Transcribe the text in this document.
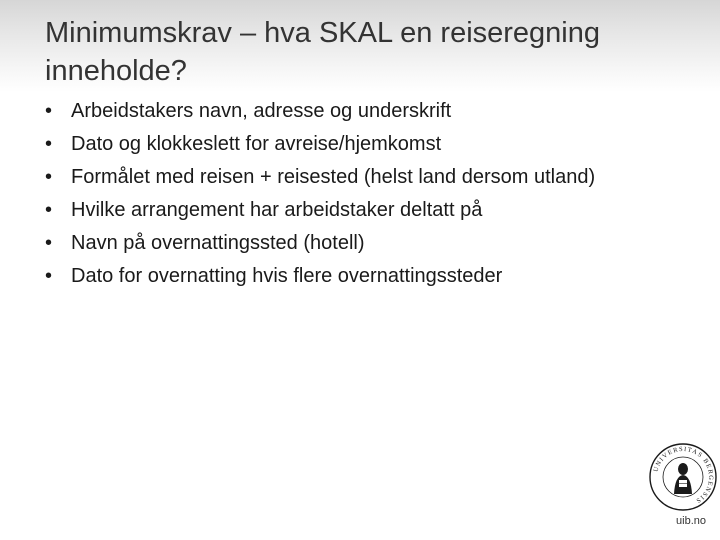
Minimumskrav – hva SKAL en reiseregning inneholde?
• Arbeidstakers navn, adresse og underskrift
• Dato og klokkeslett for avreise/hjemkomst
• Formålet med reisen + reisested (helst land dersom utland)
• Hvilke arrangement har arbeidstaker deltatt på
• Navn på overnattingssted (hotell)
• Dato for overnatting hvis flere overnattingssteder
UNIVERSITAS BERGENSIS
uib.no
